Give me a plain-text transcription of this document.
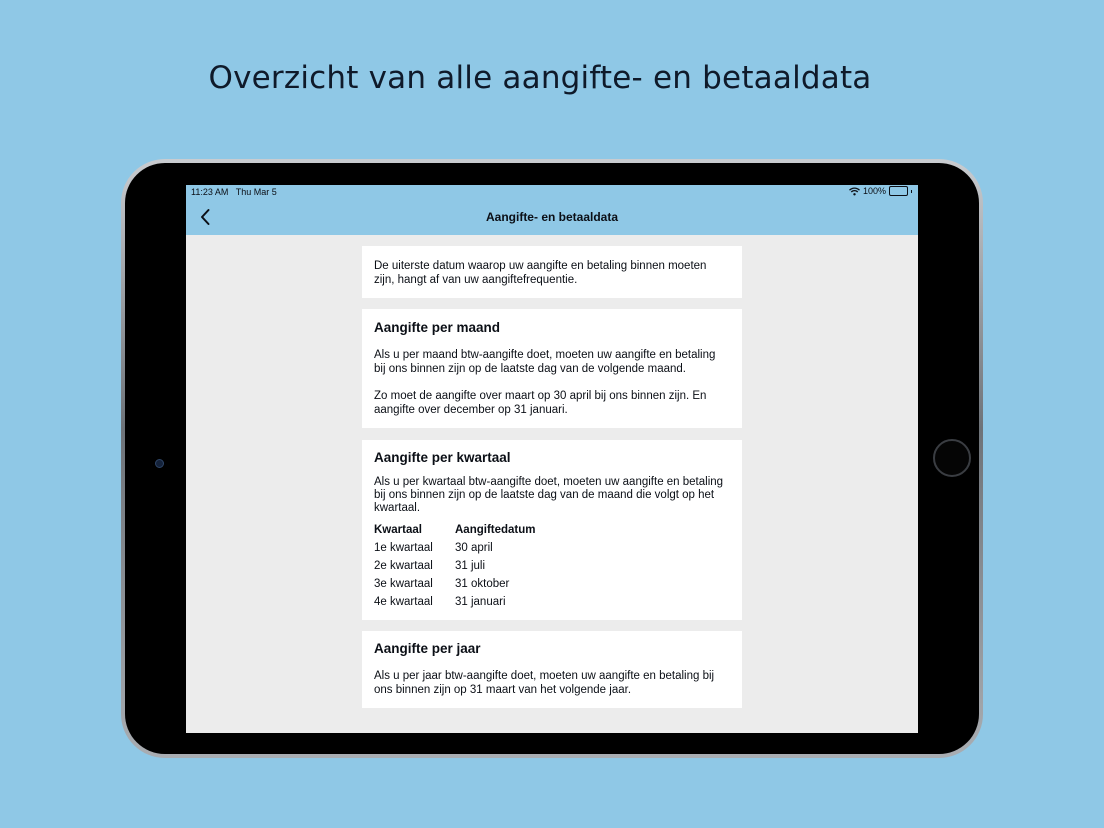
Overzicht van alle aangifte- en betaaldata
11:23 AM Thu Mar 5	100%
Aangifte- en betaaldata

De uiterste datum waarop uw aangifte en betaling binnen moeten zijn, hangt af van uw aangiftefrequentie.

Aangifte per maand

Als u per maand btw-aangifte doet, moeten uw aangifte en betaling bij ons binnen zijn op de laatste dag van de volgende maand.

Zo moet de aangifte over maart op 30 april bij ons binnen zijn. En aangifte over december op 31 januari.

Aangifte per kwartaal

Als u per kwartaal btw-aangifte doet, moeten uw aangifte en betaling bij ons binnen zijn op de laatste dag van de maand die volgt op het kwartaal.

Kwartaal	Aangiftedatum
1e kwartaal	30 april
2e kwartaal	31 juli
3e kwartaal	31 oktober
4e kwartaal	31 januari
Aangifte per jaar

Als u per jaar btw-aangifte doet, moeten uw aangifte en betaling bij ons binnen zijn op 31 maart van het volgende jaar.
